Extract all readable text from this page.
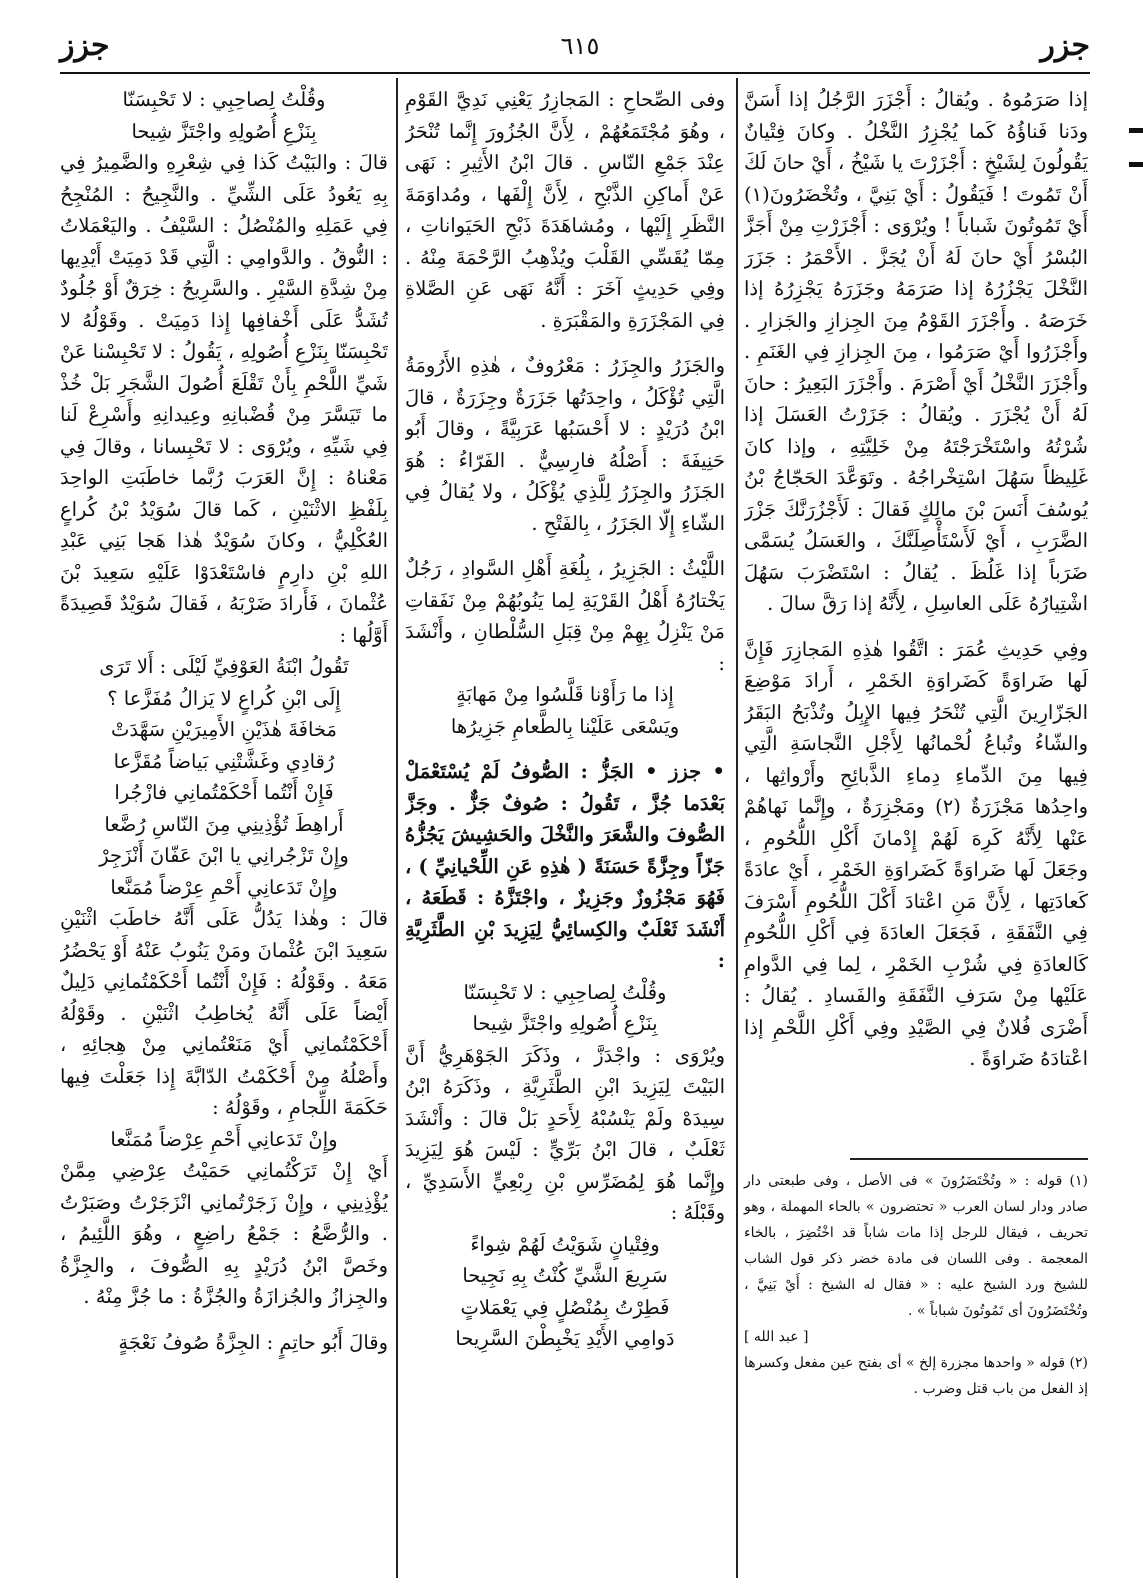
جزز	٦١٥	جزر

إذا صَرَمُوهُ . ويُقالُ : أَجْزَرَ الرَّجُلُ إذا أَسَنَّ ودَنا فَناؤُهُ كَما يُجْزِرُ النَّخْلُ . وكانَ فِتْيانٌ يَقُولُونَ لِشَيْخٍ : أَجْزَرْتَ يا شَيْخُ ، أَيْ حانَ لَكَ أَنْ تَمُوتَ ! فَيَقُولُ : أَيْ بَنِيَّ ، وتُخْضَرُونَ(١) أَيْ تَمُوتُونَ شَباباً ! ويُرْوَى : أَجْزَرْتِ مِنْ أَجَزَّ البُسْرُ أَيْ حانَ لَهُ أَنْ يُجَزَّ . الأَحْمَرُ : جَزَرَ النَّخْلَ يَجْزُرُهُ إذا صَرَمَهُ وجَزَرَهُ يَجْزِرُهُ إذا خَرَصَهُ . وأَجْزَرَ القَوْمُ مِنَ الجِزازِ والجَزارِ . وأَجْزَرُوا أَيْ صَرَمُوا ، مِنَ الجِزازِ فِي الغَنَمِ . وأَجْزَرَ النَّخْلُ أَيْ أَصْرَمَ . وأَجْزَرَ البَعِيرُ : حانَ لَهُ أَنْ يُجْزَرَ . ويُقالُ : جَزَرْتُ العَسَلَ إذا شُرْتُهُ واسْتَخْرَجْتَهُ مِنْ خَلِيَّتِهِ ، وإذا كانَ غَلِيظاً سَهُلَ اسْتِخْراجُهُ . وتَوَعَّدَ الحَجّاجُ بْنُ يُوسُفَ أَنَسَ بْنَ مالِكٍ فَقالَ : لَأَجْزُرَنَّكَ جَزْرَ الضَّرَبِ ، أَيْ لَأَسْتَأْصِلَنَّكَ ، والعَسَلُ يُسَمَّى ضَرَباً إذا غَلُظَ . يُقالُ : اسْتَضْرَبَ سَهُلَ اشْتِيارُهُ عَلَى العاسِلِ ، لِأَنَّهُ إذا رَقَّ سالَ .

وفِي حَدِيثِ عُمَرَ : اتَّقُوا هٰذِهِ المَجازِرَ فَإِنَّ لَها ضَراوَةً كَضَراوَةِ الخَمْرِ ، أَرادَ مَوْضِعَ الجَزّارِينَ الَّتِي تُنْحَرُ فِيها الإِبِلُ وتُذْبَحُ البَقَرُ والشّاءُ وتُباعُ لُحْمانُها لِأَجْلِ النَّجاسَةِ الَّتِي فِيها مِنَ الدِّماءِ دِماءِ الذَّبائِحِ وأَرْواثِها ، واحِدُها مَجْزَرَةٌ (٢) ومَجْزِرَةٌ ، وإِنَّما نَهاهُمْ عَنْها لِأَنَّهُ كَرِهَ لَهُمْ إِدْمانَ أَكْلِ اللُّحُومِ ، وجَعَلَ لَها ضَراوَةً كَضَراوَةِ الخَمْرِ ، أَيْ عادَةً كَعادَتِها ، لِأَنَّ مَنِ اعْتادَ أَكْلَ اللُّحُومِ أَسْرَفَ فِي النَّفَقَةِ ، فَجَعَلَ العادَةَ فِي أَكْلِ اللُّحُومِ كَالعادَةِ فِي شُرْبِ الخَمْرِ ، لِما فِي الدَّوامِ عَلَيْها مِنْ سَرَفِ النَّفَقَةِ والفَسادِ . يُقالُ : أَضْرَى فُلانٌ فِي الصَّيْدِ وفِي أَكْلِ اللَّحْمِ إذا اعْتادَهُ ضَراوَةً .

(١) قوله : « وتُخْتَضَرُونَ » فى الأصل ، وفى طبعتى دار صادر ودار لسان العرب « تحتضرون » بالحاء المهملة ، وهو تحريف ، فيقال للرجل إذا مات شاباً قد اخْتُضِرَ ، بالخاء المعجمة . وفى اللسان فى مادة خضر ذكر قول الشاب للشيخ ورد الشيخ عليه : « فقال له الشيخ : أَيْ بَنِيَّ ، وتُخْتَضَرُونَ أى تَمُوتُونَ شباباً » .

[ عبد الله ]

(٢) قوله « واحدها مجزرة إلخ » أى بفتح عين مفعل وكسرها إذ الفعل من باب قتل وضرب .

وفى الصِّحاحِ : المَجازِرُ يَعْنِي نَدِيَّ القَوْمِ ، وهُوَ مُجْتَمَعُهُمْ ، لِأَنَّ الجُزُورَ إِنَّما تُنْحَرُ عِنْدَ جَمْعِ النّاسِ . قالَ ابْنُ الأَثِيرِ : نَهَى عَنْ أَماكِنِ الذَّبْحِ ، لِأَنَّ إِلْفَها ، ومُداوَمَةَ النَّظَرِ إِلَيْها ، ومُشاهَدَةَ ذَبْحِ الحَيَواناتِ ، مِمّا يُقَسِّي القَلْبَ ويُذْهِبُ الرَّحْمَةَ مِنْهُ . وفِي حَدِيثٍ آخَرَ : أَنَّهُ نَهَى عَنِ الصَّلاةِ فِي المَجْزَرَةِ والمَقْبَرَةِ .

والجَزَرُ والجِزَرُ : مَعْرُوفٌ ، هٰذِهِ الأَرُومَةُ الَّتِي تُؤْكَلُ ، واحِدَتُها جَزَرَةٌ وجِزَرَةٌ ، قالَ ابْنُ دُرَيْدٍ : لا أَحْسَبُها عَرَبِيَّةً ، وقالَ أَبُو حَنِيفَةَ : أَصْلُهُ فارِسِيٌّ . الفَرّاءُ : هُوَ الجَزَرُ والجِزَرُ لِلَّذِي يُؤْكَلُ ، ولا يُقالُ فِي الشّاءِ إِلّا الجَزَرُ ، بِالفَتْحِ .

اللَّيْثُ : الجَزِيرُ ، بِلُغَةِ أَهْلِ السَّوادِ ، رَجُلٌ يَخْتارُهُ أَهْلُ القَرْيَةِ لِما يَنُوبُهُمْ مِنْ نَفَقاتِ مَنْ يَنْزِلُ بِهِمْ مِنْ قِبَلِ السُّلْطانِ ، وأَنْشَدَ :

إِذا ما رَأَوْنا قَلَّسُوا مِنْ مَهابَةٍ

ويَسْعَى عَلَيْنا بِالطَّعامِ جَزِيرُها

• جزز • الجَزُّ : الصُّوفُ لَمْ يُسْتَعْمَلْ بَعْدَما جُزَّ ، تَقُولُ : صُوفٌ جَزٌّ . وجَزَّ الصُّوفَ والشَّعَرَ والنَّخْلَ والحَشِيشَ يَجُزُّهُ جَزّاً وجِزَّةً حَسَنَةً ( هٰذِهِ عَنِ اللِّحْيانِيِّ ) ، فَهُوَ مَجْزُوزٌ وجَزِيزٌ ، واجْتَزَّهُ : قَطَعَهُ ، أَنْشَدَ ثَعْلَبٌ والكِسائِيُّ لِيَزِيدَ بْنِ الطَّثَرِيَّةِ :

وقُلْتُ لِصاحِبِي : لا تَحْبِسَنّا

بِنَزْعِ أُصُولِهِ واجْتَزَّ شِيحا

ويُرْوَى : واجْدَزَّ ، وذَكَرَ الجَوْهَرِيُّ أَنَّ البَيْتَ لِيَزِيدَ ابْنِ الطَّثَرِيَّةِ ، وذَكَرَهُ ابْنُ سِيدَهْ ولَمْ يَنْسُبْهُ لِأَحَدٍ بَلْ قالَ : وأَنْشَدَ ثَعْلَبٌ ، قالَ ابْنُ بَرِّيٍّ : لَيْسَ هُوَ لِيَزِيدَ وإِنَّما هُوَ لِمُضَرِّسِ بْنِ رِبْعِيٍّ الأَسَدِيِّ ، وقَبْلَهُ :

وفِتْيانٍ شَوَيْتُ لَهُمْ شِواءً

سَرِيعَ الشَّيِّ كُنْتُ بِهِ نَجِيحا

فَطِرْتُ بِمُنْصُلٍ فِي يَعْمَلاتٍ

دَوامِي الأَيْدِ يَخْبِطْنَ السَّرِيحا

وقُلْتُ لِصاحِبِي : لا تَحْبِسَنّا

بِنَزْعِ أُصُولِهِ واجْتَزَّ شِيحا

قالَ : والبَيْتُ كَذا فِي شِعْرِهِ والضَّمِيرُ فِي بِهِ يَعُودُ عَلَى الشِّيِّ . والنَّجِيحُ : المُنْجِحُ فِي عَمَلِهِ والمُنْصُلُ : السَّيْفُ . واليَعْمَلاتُ : النُّوقُ . والدَّوامِي : الَّتِي قَدْ دَمِيَتْ أَيْدِيها مِنْ شِدَّةِ السَّيْرِ . والسَّرِيحُ : خِرَقٌ أَوْ جُلُودٌ تُشَدُّ عَلَى أَخْفافِها إِذا دَمِيَتْ . وقَوْلُهُ لا تَحْبِسَنّا بِنَزْعِ أُصُولِهِ ، يَقُولُ : لا تَحْبِسْنا عَنْ شَيِّ اللَّحْمِ بِأَنْ تَقْلَعَ أُصُولَ الشَّجَرِ بَلْ خُذْ ما تَيَسَّرَ مِنْ قُضْبانِهِ وعِيدانِهِ وأَسْرِعْ لَنا فِي شَيِّهِ ، ويُرْوَى : لا تَحْبِسانا ، وقالَ فِي مَعْناهُ : إِنَّ العَرَبَ رُبَّما خاطَبَتِ الواحِدَ بِلَفْظِ الاثْنَيْنِ ، كَما قالَ سُوَيْدُ بْنُ كُراعٍ العُكْلِيُّ ، وكانَ سُوَيْدٌ هٰذا هَجا بَنِي عَبْدِ اللهِ بْنِ دارِمٍ فاسْتَعْدَوْا عَلَيْهِ سَعِيدَ بْنَ عُثْمانَ ، فَأَرادَ ضَرْبَهُ ، فَقالَ سُوَيْدٌ قَصِيدَةً أَوَّلُها :

تَقُولُ ابْنَةُ العَوْفِيِّ لَيْلَى : أَلا تَرَى

إِلَى ابْنِ كُراعٍ لا يَزالُ مُفَزَّعا ؟

مَخافَةَ هٰذَيْنِ الأَمِيرَيْنِ سَهَّدَتْ

رُقادِي وغَشَّتْنِي بَياضاً مُقَزَّعا

فَإِنْ أَنْتُما أَحْكَمْتُمانِي فازْجُرا

أَراهِطَ تُؤْذِينِي مِنَ النّاسِ رُضَّعا

وإِنْ تَزْجُرانِي يا ابْنَ عَفّانَ أَنْزَجِرْ

وإِنْ تَدَعانِي أَحْمِ عِرْضاً مُمَنَّعا

قالَ : وهٰذا يَدُلُّ عَلَى أَنَّهُ خاطَبَ اثْنَيْنِ سَعِيدَ ابْنَ عُثْمانَ ومَنْ يَنُوبُ عَنْهُ أَوْ يَحْضُرُ مَعَهُ . وقَوْلُهُ : فَإِنْ أَنْتُما أَحْكَمْتُمانِي دَلِيلٌ أَيْضاً عَلَى أَنَّهُ يُخاطِبُ اثْنَيْنِ . وقَوْلُهُ أَحْكَمْتُمانِي أَيْ مَنَعْتُمانِي مِنْ هِجائِهِ ، وأَصْلُهُ مِنْ أَحْكَمْتُ الدّابَّةَ إِذا جَعَلْتَ فِيها حَكَمَةَ اللِّجامِ ، وقَوْلُهُ :

وإِنْ تَدَعانِي أَحْمِ عِرْضاً مُمَنَّعا

أَيْ إِنْ تَرَكْتُمانِي حَمَيْتُ عِرْضِي مِمَّنْ يُؤْذِينِي ، وإِنْ زَجَرْتُمانِي انْزَجَرْتُ وصَبَرْتُ . والرُّضَّعُ : جَمْعُ راضِعٍ ، وهُوَ اللَّئِيمُ ، وخَصَّ ابْنُ دُرَيْدٍ بِهِ الصُّوفَ ، والجِزَّةُ والجِزازُ والجُزازَةُ والجُزَّةُ : ما جُزَّ مِنْهُ .

وقالَ أَبُو حاتِمٍ : الجِزَّةُ صُوفُ نَعْجَةٍ
